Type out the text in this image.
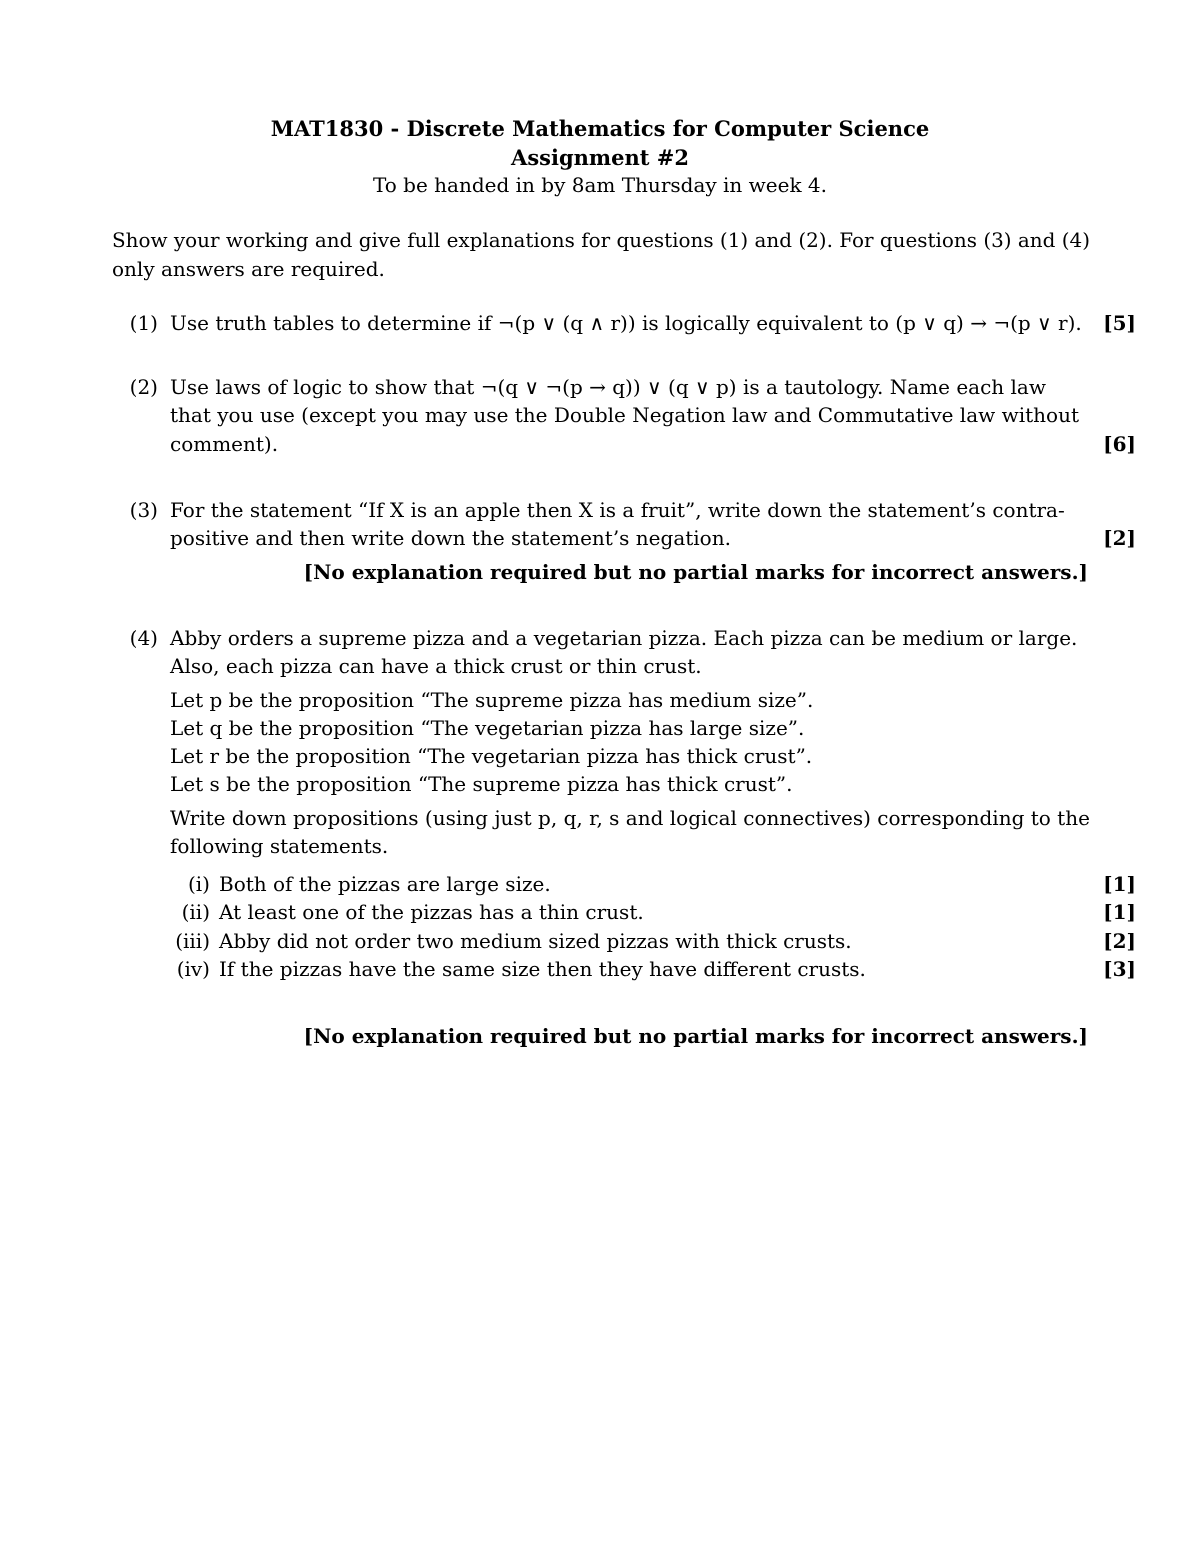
MAT1830 - Discrete Mathematics for Computer Science
Assignment #2
To be handed in by 8am Thursday in week 4.
Show your working and give full explanations for questions (1) and (2). For questions (3) and (4)
only answers are required.
(1) Use truth tables to determine if ¬(p ∨ (q ∧ r)) is logically equivalent to (p ∨ q) → ¬(p ∨ r).	[5]
(2) Use laws of logic to show that ¬(q ∨ ¬(p → q)) ∨ (q ∨ p) is a tautology. Name each law
that you use (except you may use the Double Negation law and Commutative law without
comment).	[6]
(3) For the statement “If X is an apple then X is a fruit”, write down the statement’s contra-
positive and then write down the statement’s negation.	[2]
[No explanation required but no partial marks for incorrect answers.]
(4) Abby orders a supreme pizza and a vegetarian pizza. Each pizza can be medium or large.
Also, each pizza can have a thick crust or thin crust.
Let p be the proposition “The supreme pizza has medium size”.
Let q be the proposition “The vegetarian pizza has large size”.
Let r be the proposition “The vegetarian pizza has thick crust”.
Let s be the proposition “The supreme pizza has thick crust”.
Write down propositions (using just p, q, r, s and logical connectives) corresponding to the
following statements.
(i) Both of the pizzas are large size.	[1]
(ii) At least one of the pizzas has a thin crust.	[1]
(iii) Abby did not order two medium sized pizzas with thick crusts.	[2]
(iv) If the pizzas have the same size then they have different crusts.	[3]
[No explanation required but no partial marks for incorrect answers.]
